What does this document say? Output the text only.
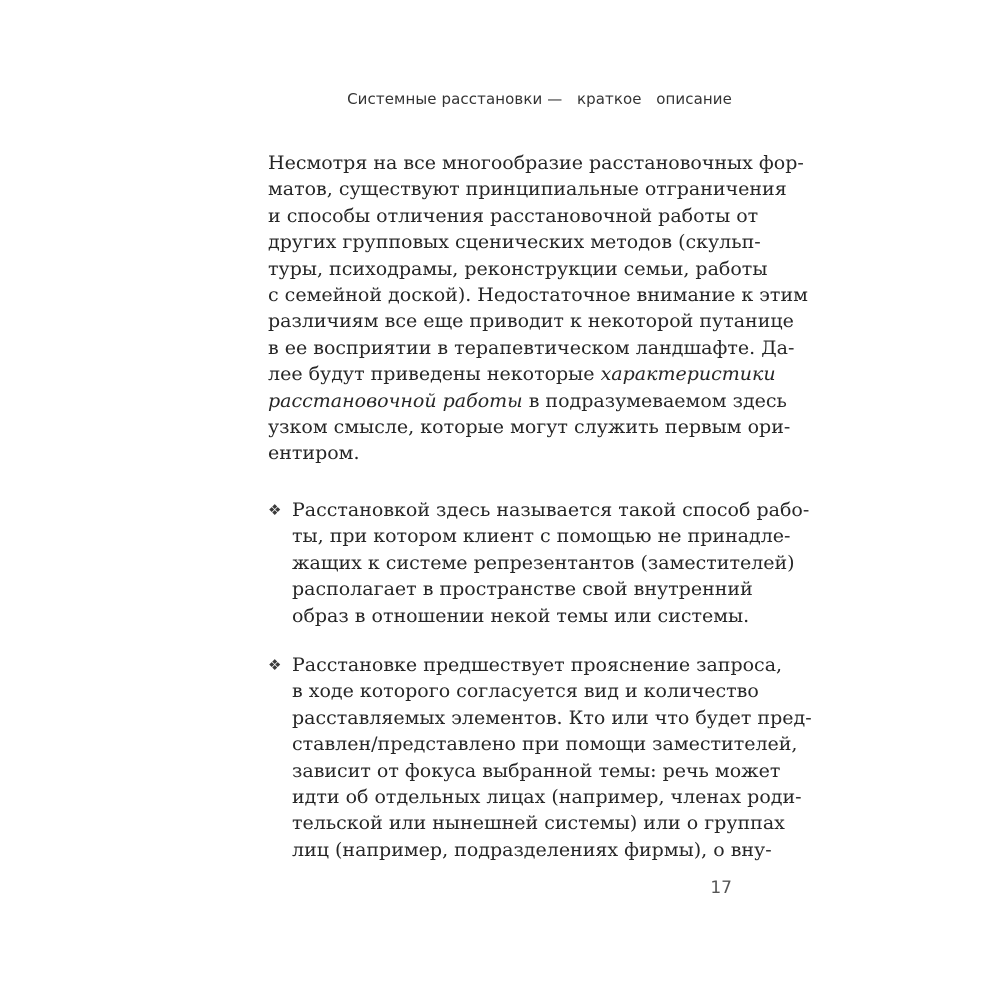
Системные расстановки —   краткое   описание
Несмотря на все многообразие расстановочных фор-
матов, существуют принципиальные отграничения
и способы отличения расстановочной работы от
других групповых сценических методов (скульп-
туры, психодрамы, реконструкции семьи, работы
с семейной доской). Недостаточное внимание к этим
различиям все еще приводит к некоторой путанице
в ее восприятии в терапевтическом ландшафте. Да-
лее будут приведены некоторые характеристики
расстановочной работы в подразумеваемом здесь
узком смысле, которые могут служить первым ори-
ентиром.
❖ Расстановкой здесь называется такой способ рабо-
ты, при котором клиент с помощью не принадле-
жащих к системе репрезентантов (заместителей)
располагает в пространстве свой внутренний
образ в отношении некой темы или системы.
❖ Расстановке предшествует прояснение запроса,
в ходе которого согласуется вид и количество
расставляемых элементов. Кто или что будет пред-
ставлен/представлено при помощи заместителей,
зависит от фокуса выбранной темы: речь может
идти об отдельных лицах (например, членах роди-
тельской или нынешней системы) или о группах
лиц (например, подразделениях фирмы), о вну-
17
